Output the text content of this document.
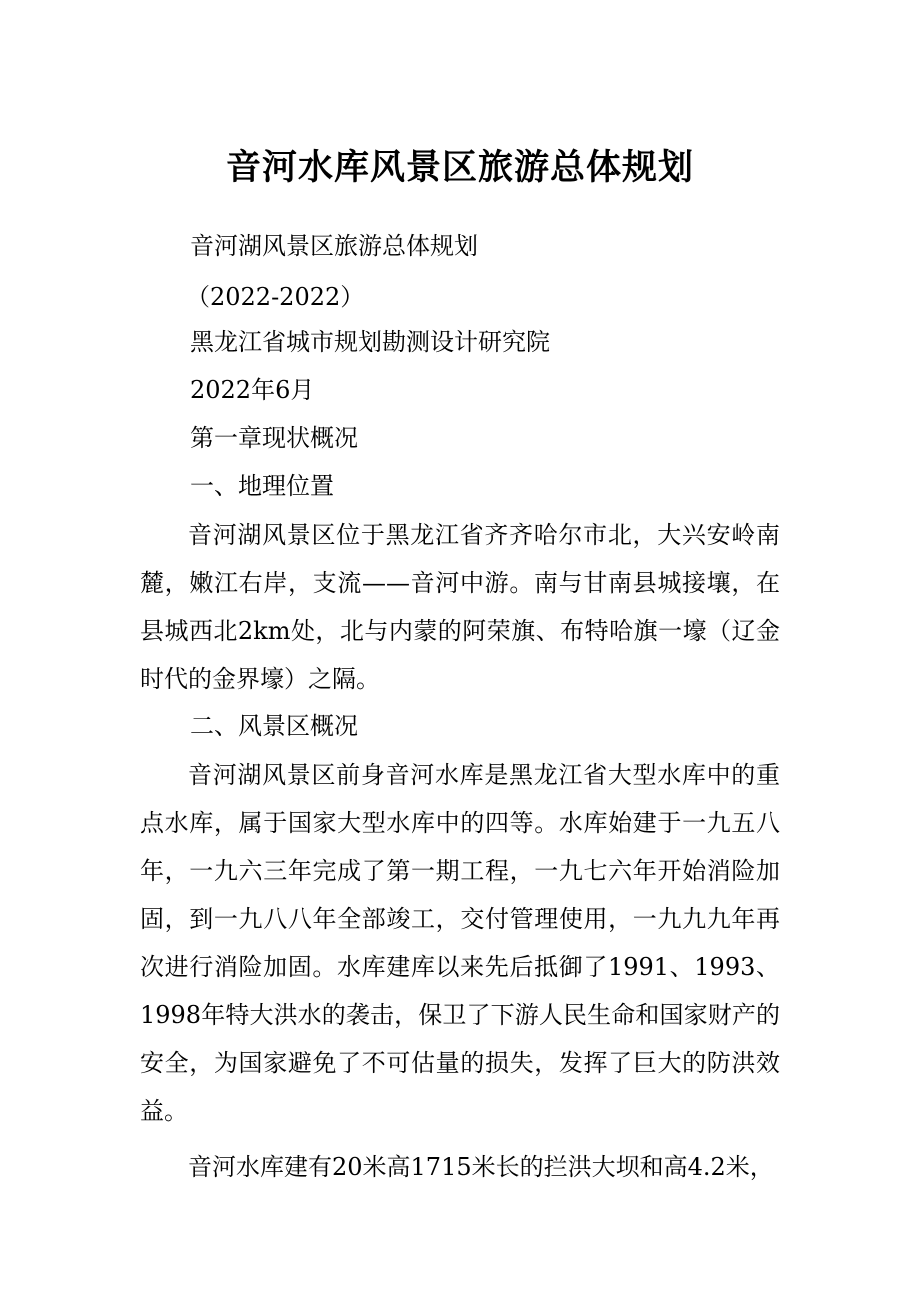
音河水库风景区旅游总体规划
音河湖风景区旅游总体规划
（2022-2022）
黑龙江省城市规划勘测设计研究院
2022年6月
第一章现状概况
一、地理位置

音河湖风景区位于黑龙江省齐齐哈尔市北，大兴安岭南麓，嫩江右岸，支流——音河中游。南与甘南县城接壤，在县城西北2km处，北与内蒙的阿荣旗、布特哈旗一壕（辽金时代的金界壕）之隔。

二、风景区概况

音河湖风景区前身音河水库是黑龙江省大型水库中的重点水库，属于国家大型水库中的四等。水库始建于一九五八年，一九六三年完成了第一期工程，一九七六年开始消险加固，到一九八八年全部竣工，交付管理使用，一九九九年再次进行消险加固。水库建库以来先后抵御了1991、1993、1998年特大洪水的袭击，保卫了下游人民生命和国家财产的安全，为国家避免了不可估量的损失，发挥了巨大的防洪效益。

音河水库建有20米高1715米长的拦洪大坝和高4.2米，
